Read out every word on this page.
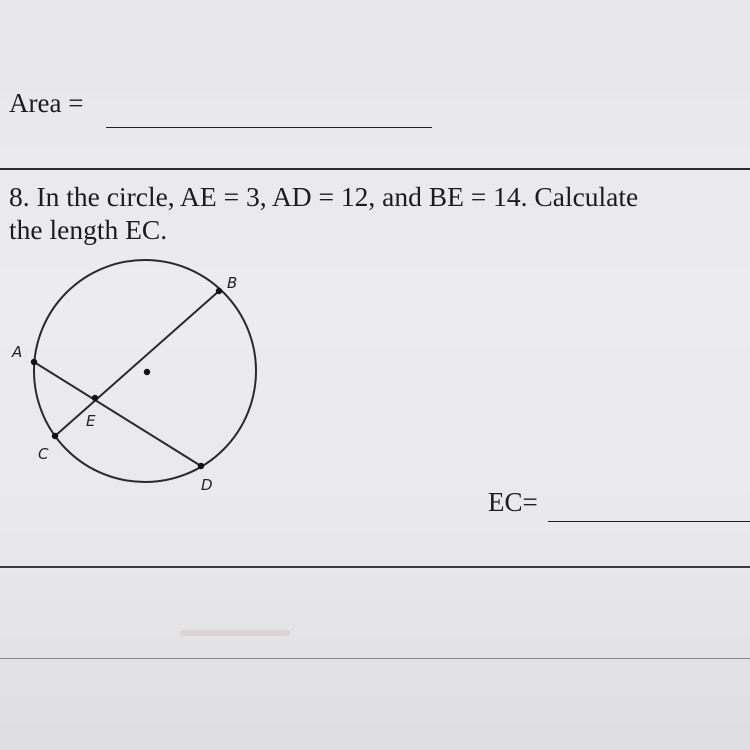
Area =
8. In the circle, AE = 3, AD = 12, and BE = 14. Calculate
the length EC.
A
B
C
D
E
EC=
